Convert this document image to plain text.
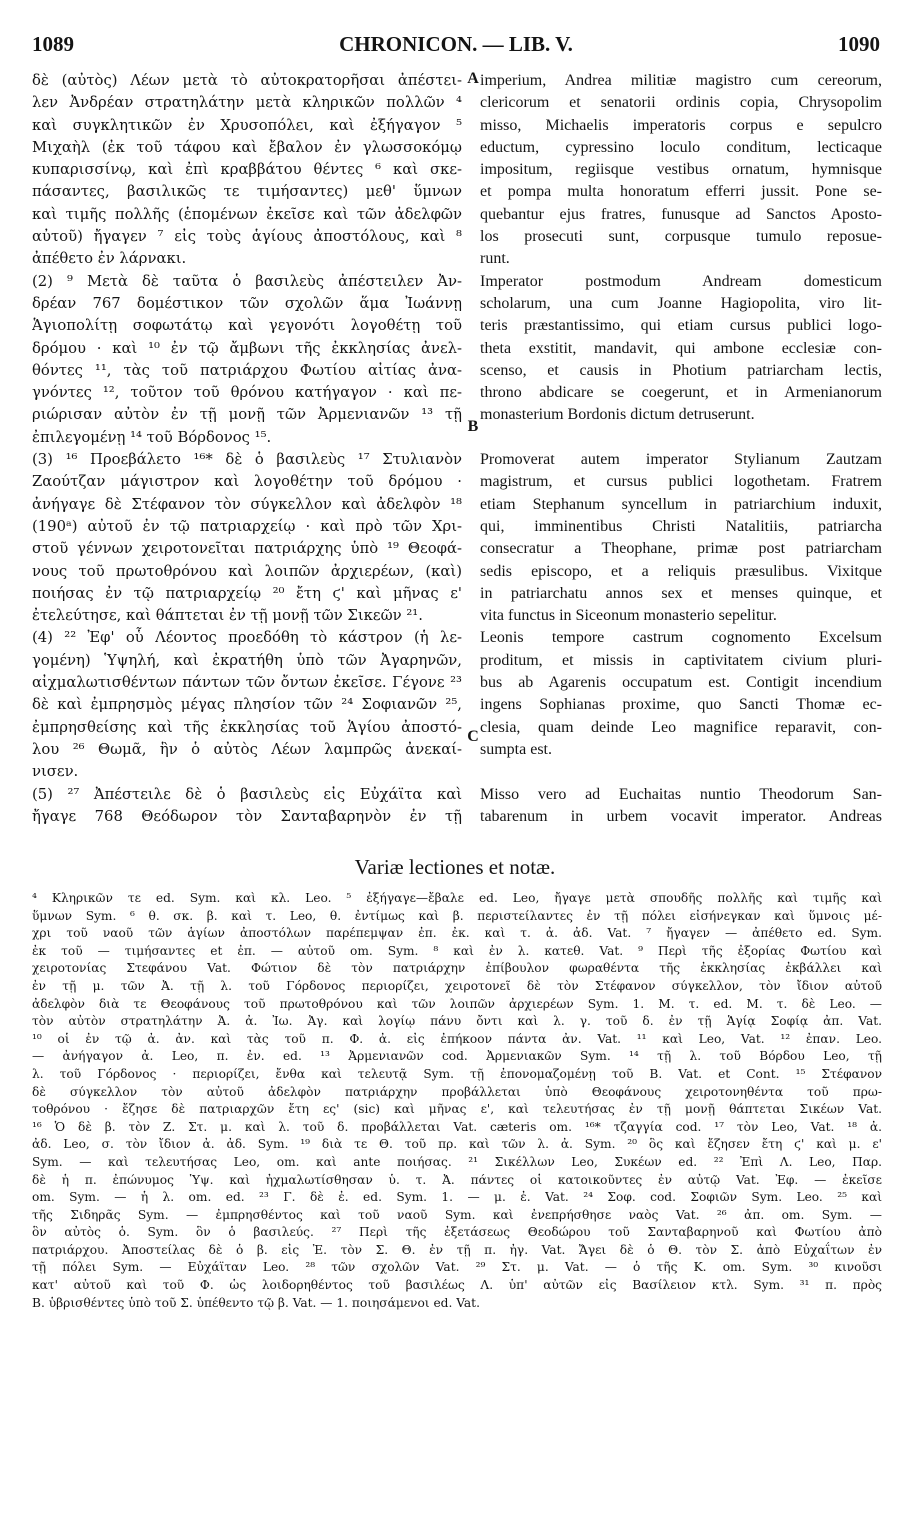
1089	CHRONICON. — LIB. V.	1090
δὲ (αὐτὸς) Λέων μετὰ τὸ αὐτοκρατορῆσαι ἀπέστει-
λεν Ἀνδρέαν στρατηλάτην μετὰ κληρικῶν πολλῶν ⁴
καὶ συγκλητικῶν ἐν Χρυσοπόλει, καὶ ἐξήγαγον ⁵
Μιχαὴλ (ἐκ τοῦ τάφου καὶ ἔβαλον ἐν γλωσσοκόμῳ
κυπαρισσίνῳ, καὶ ἐπὶ κραββάτου θέντες ⁶ καὶ σκε-
πάσαντες, βασιλικῶς τε τιμήσαντες) μεθ' ὕμνων
καὶ τιμῆς πολλῆς (ἑπομένων ἐκεῖσε καὶ τῶν ἀδελφῶν
αὐτοῦ) ἤγαγεν ⁷ εἰς τοὺς ἁγίους ἀποστόλους, καὶ ⁸
ἀπέθετο ἐν λάρνακι.
(2) ⁹ Μετὰ δὲ ταῦτα ὁ βασιλεὺς ἀπέστειλεν Ἀν-
δρέαν 767 δομέστικον τῶν σχολῶν ἅμα Ἰωάννῃ
Ἁγιοπολίτῃ σοφωτάτῳ καὶ γεγονότι λογοθέτῃ τοῦ
δρόμου · καὶ ¹⁰ ἐν τῷ ἄμβωνι τῆς ἐκκλησίας ἀνελ-
θόντες ¹¹, τὰς τοῦ πατριάρχου Φωτίου αἰτίας ἀνα-
γνόντες ¹², τοῦτον τοῦ θρόνου κατήγαγον · καὶ πε-
ριώρισαν αὐτὸν ἐν τῇ μονῇ τῶν Ἀρμενιανῶν ¹³ τῇ
ἐπιλεγομένῃ ¹⁴ τοῦ Βόρδονος ¹⁵.
(3) ¹⁶ Προεβάλετο ¹⁶* δὲ ὁ βασιλεὺς ¹⁷ Στυλιανὸν
Ζαούτζαν μάγιστρον καὶ λογοθέτην τοῦ δρόμου ·
ἀνήγαγε δὲ Στέφανον τὸν σύγκελλον καὶ ἀδελφὸν ¹⁸
(190ᵃ) αὐτοῦ ἐν τῷ πατριαρχείῳ · καὶ πρὸ τῶν Χρι-
στοῦ γέννων χειροτονεῖται πατριάρχης ὑπὸ ¹⁹ Θεοφά-
νους τοῦ πρωτοθρόνου καὶ λοιπῶν ἀρχιερέων, (καὶ)
ποιήσας ἐν τῷ πατριαρχείῳ ²⁰ ἔτη ϛ' καὶ μῆνας ε'
ἐτελεύτησε, καὶ θάπτεται ἐν τῇ μονῇ τῶν Σικεῶν ²¹.
(4) ²² Ἐφ' οὗ Λέοντος προεδόθη τὸ κάστρον (ἡ λε-
γομένη) Ὑψηλή, καὶ ἐκρατήθη ὑπὸ τῶν Ἀγαρηνῶν,
αἰχμαλωτισθέντων πάντων τῶν ὄντων ἐκεῖσε. Γέγονε ²³
δὲ καὶ ἐμπρησμὸς μέγας πλησίον τῶν ²⁴ Σοφιανῶν ²⁵,
ἐμπρησθείσης καὶ τῆς ἐκκλησίας τοῦ Ἁγίου ἀποστό-
λου ²⁶ Θωμᾶ, ἣν ὁ αὐτὸς Λέων λαμπρῶς ἀνεκαί-
νισεν.
(5) ²⁷ Ἀπέστειλε δὲ ὁ βασιλεὺς εἰς Εὐχάϊτα καὶ
ἤγαγε 768 Θεόδωρον τὸν Σανταβαρηνὸν ἐν τῇ
imperium, Andrea militiæ magistro cum cereorum,
clericorum et senatorii ordinis copia, Chrysopolim
misso, Michaelis imperatoris corpus e sepulcro
eductum, cypressino loculo conditum, lecticaque
impositum, regiisque vestibus ornatum, hymnisque
et pompa multa honoratum efferri jussit. Pone se-
quebantur ejus fratres, funusque ad Sanctos Aposto-
los prosecuti sunt, corpusque tumulo reposue-
runt.
Imperator postmodum Andream domesticum
scholarum, una cum Joanne Hagiopolita, viro lit-
teris præstantissimo, qui etiam cursus publici logo-
theta exstitit, mandavit, qui ambone ecclesiæ con-
scenso, et causis in Photium patriarcham lectis,
throno abdicare se coegerunt, et in Armenianorum
monasterium Bordonis dictum detruserunt.
Promoverat autem imperator Stylianum Zautzam
magistrum, et cursus publici logothetam. Fratrem
etiam Stephanum syncellum in patriarchium induxit,
qui, imminentibus Christi Natalitiis, patriarcha
consecratur a Theophane, primæ post patriarcham
sedis episcopo, et a reliquis præsulibus. Vixitque
in patriarchatu annos sex et menses quinque, et
vita functus in Siceonum monasterio sepelitur.
Leonis tempore castrum cognomento Excelsum
proditum, et missis in captivitatem civium pluri-
bus ab Agarenis occupatum est. Contigit incendium
ingens Sophianas proxime, quo Sancti Thomæ ec-
clesia, quam deinde Leo magnifice reparavit, con-
sumpta est.
Misso vero ad Euchaitas nuntio Theodorum San-
tabarenum in urbem vocavit imperator. Andreas
A
B
C
Variæ lectiones et notæ.
⁴ Κληρικῶν τε ed. Sym. καὶ κλ. Leo. ⁵ ἐξήγαγε—ἔβαλε ed. Leo, ἤγαγε μετὰ σπουδῆς πολλῆς καὶ τιμῆς καὶ
ὕμνων Sym. ⁶ θ. σκ. β. καὶ τ. Leo, θ. ἐντίμως καὶ β. περιστείλαντες ἐν τῇ πόλει εἰσήνεγκαν καὶ ὕμνοις μέ-
χρι τοῦ ναοῦ τῶν ἁγίων ἀποστόλων παρέπεμψαν ἐπ. ἐκ. καὶ τ. ἀ. ἀδ. Vat. ⁷ ἤγαγεν — ἀπέθετο ed. Sym.
ἐκ τοῦ — τιμήσαντες et ἐπ. — αὐτοῦ om. Sym. ⁸ καὶ ἐν λ. κατεθ. Vat. ⁹ Περὶ τῆς ἐξορίας Φωτίου καὶ
χειροτονίας Στεφάνου Vat. Φώτιον δὲ τὸν πατριάρχην ἐπίβουλον φωραθέντα τῆς ἐκκλησίας ἐκβάλλει καὶ
ἐν τῇ μ. τῶν Ἀ. τῇ λ. τοῦ Γόρδονος περιορίζει, χειροτονεῖ δὲ τὸν Στέφανον σύγκελλον, τὸν ἴδιον αὐτοῦ
ἀδελφὸν διὰ τε Θεοφάνους τοῦ πρωτοθρόνου καὶ τῶν λοιπῶν ἀρχιερέων Sym. 1. M. τ. ed. M. τ. δὲ Leo. —
τὸν αὐτὸν στρατηλάτην Ἀ. ἀ. Ἰω. Ἀγ. καὶ λογίῳ πάνυ ὄντι καὶ λ. γ. τοῦ δ. ἐν τῇ Ἁγίᾳ Σοφίᾳ ἀπ. Vat.
¹⁰ οἱ ἐν τῷ ἀ. ἀν. καὶ τὰς τοῦ π. Φ. ἀ. εἰς ἐπήκοον πάντα ἀν. Vat. ¹¹ καὶ Leo, Vat. ¹² ἐπαν. Leo.
— ἀνήγαγον ἀ. Leo, π. ἐν. ed. ¹³ Ἀρμενιανῶν cod. Ἀρμενιακῶν Sym. ¹⁴ τῇ λ. τοῦ Βόρδου Leo, τῇ
λ. τοῦ Γόρδονος · περιορίζει, ἔνθα καὶ τελευτᾷ Sym. τῇ ἐπονομαζομένῃ τοῦ Β. Vat. et Cont. ¹⁵ Στέφανον
δὲ σύγκελλον τὸν αὐτοῦ ἀδελφὸν πατριάρχην προβάλλεται ὑπὸ Θεοφάνους χειροτονηθέντα τοῦ πρω-
τοθρόνου · ἔζησε δὲ πατριαρχῶν ἔτη ες' (sic) καὶ μῆνας ε', καὶ τελευτήσας ἐν τῇ μονῇ θάπτεται Σικέων Vat.
¹⁶ Ὁ δὲ β. τὸν Ζ. Στ. μ. καὶ λ. τοῦ δ. προβάλλεται Vat. cæteris om. ¹⁶* τζαγγία cod. ¹⁷ τὸν Leo, Vat. ¹⁸ ἀ.
ἀδ. Leo, σ. τὸν ἴδιον ἀ. ἀδ. Sym. ¹⁹ διὰ τε Θ. τοῦ πρ. καὶ τῶν λ. ἀ. Sym. ²⁰ ὃς καὶ ἔζησεν ἔτη ϛ' καὶ μ. ε'
Sym. — καὶ τελευτήσας Leo, om. καὶ ante ποιήσας. ²¹ Σικέλλων Leo, Συκέων ed. ²² Ἐπὶ Λ. Leo, Παρ.
δὲ ἡ π. ἐπώνυμος Ὑψ. καὶ ἠχμαλωτίσθησαν ὑ. τ. Ἀ. πάντες οἱ κατοικοῦντες ἐν αὐτῷ Vat. Ἐφ. — ἐκεῖσε
om. Sym. — ἡ λ. om. ed. ²³ Γ. δὲ ἐ. ed. Sym. 1. — μ. ἐ. Vat. ²⁴ Σοφ. cod. Σοφιῶν Sym. Leo. ²⁵ καὶ
τῆς Σιδηρᾶς Sym. — ἐμπρησθέντος καὶ τοῦ ναοῦ Sym. καὶ ἐνεπρήσθησε ναὸς Vat. ²⁶ ἀπ. om. Sym. —
ὃν αὐτὸς ὁ. Sym. ὃν ὁ βασιλεύς. ²⁷ Περὶ τῆς ἐξετάσεως Θεοδώρου τοῦ Σανταβαρηνοῦ καὶ Φωτίου ἀπὸ
πατριάρχου. Ἀποστείλας δὲ ὁ β. εἰς Ἐ. τὸν Σ. Θ. ἐν τῇ π. ἠγ. Vat. Ἄγει δὲ ὁ Θ. τὸν Σ. ἀπὸ Εὐχαΐτων ἐν
τῇ πόλει Sym. — Εὐχάϊταν Leo. ²⁸ τῶν σχολῶν Vat. ²⁹ Στ. μ. Vat. — ὁ τῆς Κ. om. Sym. ³⁰ κινοῦσι
κατ' αὐτοῦ καὶ τοῦ Φ. ὡς λοιδορηθέντος τοῦ βασιλέως Λ. ὑπ' αὐτῶν εἰς Βασίλειον κτλ. Sym. ³¹ π. πρὸς
Β. ὑβρισθέντες ὑπὸ τοῦ Σ. ὑπέθεντο τῷ β. Vat. — 1. ποιησάμενοι ed. Vat.
